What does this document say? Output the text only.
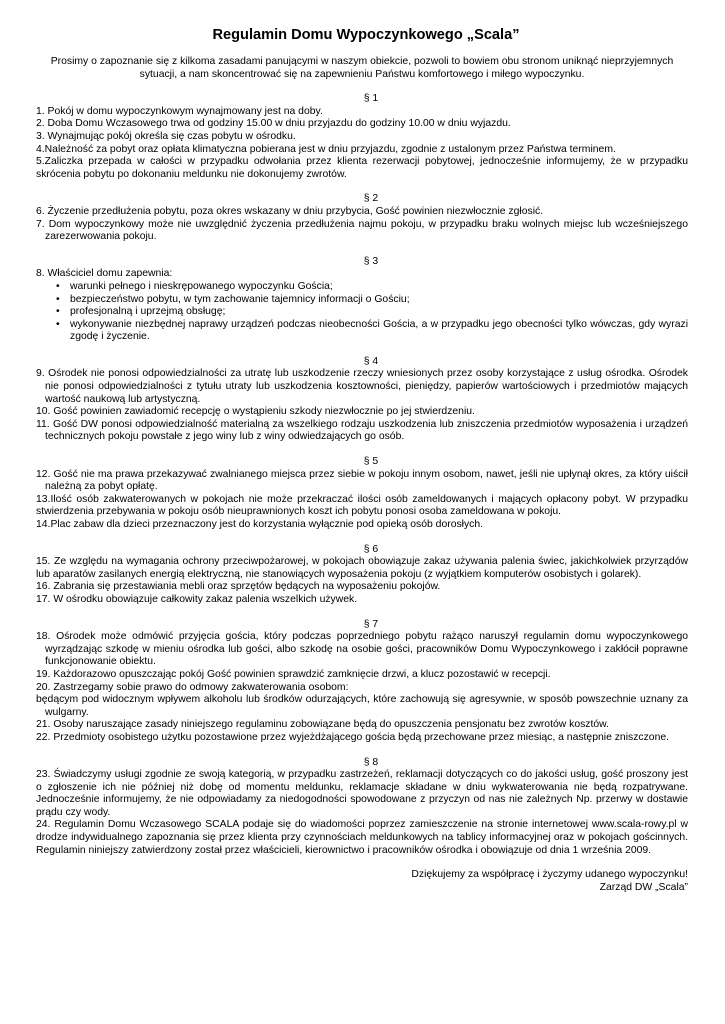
Regulamin Domu Wypoczynkowego „Scala”
Prosimy o zapoznanie się z kilkoma zasadami panującymi w naszym obiekcie, pozwoli to bowiem obu stronom uniknąć nieprzyjemnych sytuacji, a nam skoncentrować się na zapewnieniu Państwu komfortowego i miłego wypoczynku.
§ 1
1. Pokój w domu wypoczynkowym wynajmowany jest na doby.
2. Doba Domu Wczasowego trwa od godziny 15.00 w dniu przyjazdu do godziny 10.00 w dniu wyjazdu.
3. Wynajmując pokój określa się czas pobytu w ośrodku.
4.Należność za pobyt oraz opłata klimatyczna pobierana jest w dniu przyjazdu, zgodnie z ustalonym przez Państwa terminem.
5.Zaliczka przepada w całości w przypadku odwołania przez klienta rezerwacji pobytowej, jednocześnie informujemy, że w przypadku skrócenia pobytu po dokonaniu meldunku nie dokonujemy zwrotów.
§ 2
6. Życzenie przedłużenia pobytu, poza okres wskazany w dniu przybycia, Gość powinien niezwłocznie zgłosić.
7. Dom wypoczynkowy może nie uwzględnić życzenia przedłużenia najmu pokoju, w przypadku braku wolnych miejsc lub wcześniejszego zarezerwowania pokoju.
§ 3
8. Właściciel domu zapewnia:
• warunki pełnego i nieskrępowanego wypoczynku Gościa;
• bezpieczeństwo pobytu, w tym zachowanie tajemnicy informacji o Gościu;
• profesjonalną i uprzejmą obsługę;
• wykonywanie niezbędnej naprawy urządzeń podczas nieobecności Gościa, a w przypadku jego obecności tylko wówczas, gdy wyrazi zgodę i życzenie.
§ 4
9. Ośrodek nie ponosi odpowiedzialności za utratę lub uszkodzenie rzeczy wniesionych przez osoby korzystające z usług ośrodka. Ośrodek nie ponosi odpowiedzialności z tytułu utraty lub uszkodzenia kosztowności, pieniędzy, papierów wartościowych i przedmiotów mających wartość naukową lub artystyczną.
10. Gość powinien zawiadomić recepcję o wystąpieniu szkody niezwłocznie po jej stwierdzeniu.
11. Gość DW ponosi odpowiedzialność materialną za wszelkiego rodzaju uszkodzenia lub zniszczenia przedmiotów wyposażenia i urządzeń technicznych pokoju powstałe z jego winy lub z winy odwiedzających go osób.
§ 5
12. Gość nie ma prawa przekazywać zwalnianego miejsca przez siebie w pokoju innym osobom, nawet, jeśli nie upłynął okres, za który uiścił należną za pobyt opłatę.
13.Ilość osób zakwaterowanych w pokojach nie może przekraczać ilości osób zameldowanych i mających opłacony pobyt. W przypadku stwierdzenia przebywania w pokoju osób nieuprawnionych koszt ich pobytu ponosi osoba zameldowana w pokoju.
14.Plac zabaw dla dzieci przeznaczony jest do korzystania wyłącznie pod opieką osób dorosłych.
§ 6
15. Ze względu na wymagania ochrony przeciwpożarowej, w pokojach obowiązuje zakaz używania palenia świec, jakichkolwiek przyrządów lub aparatów zasilanych energią elektryczną, nie stanowiących wyposażenia pokoju (z wyjątkiem komputerów osobistych i golarek).
16. Zabrania się przestawiania mebli oraz sprzętów będących na wyposażeniu pokojów.
17. W ośrodku obowiązuje całkowity zakaz palenia wszelkich używek.
§ 7
18. Ośrodek może odmówić przyjęcia gościa, który podczas poprzedniego pobytu rażąco naruszył regulamin domu wypoczynkowego wyrządzając szkodę w mieniu ośrodka lub gości, albo szkodę na osobie gości, pracowników Domu Wypoczynkowego i zakłócił poprawne funkcjonowanie obiektu.
19. Każdorazowo opuszczając pokój Gość powinien sprawdzić zamknięcie drzwi, a klucz pozostawić w recepcji.
20. Zastrzegamy sobie prawo do odmowy zakwaterowania osobom:
będącym pod widocznym wpływem alkoholu lub środków odurzających, które zachowują się agresywnie, w sposób powszechnie uznany za wulgarny.
21. Osoby naruszające zasady niniejszego regulaminu zobowiązane będą do opuszczenia pensjonatu bez zwrotów kosztów.
22. Przedmioty osobistego użytku pozostawione przez wyjeżdżającego gościa będą przechowane przez miesiąc, a następnie zniszczone.
§ 8
23. Świadczymy usługi zgodnie ze swoją kategorią, w przypadku zastrzeżeń, reklamacji dotyczących co do jakości usług, gość proszony jest o zgłoszenie ich nie później niż dobę od momentu meldunku, reklamacje składane w dniu wykwaterowania nie będą rozpatrywane. Jednocześnie informujemy, że nie odpowiadamy za niedogodności spowodowane z przyczyn od nas nie zależnych Np. przerwy w dostawie prądu czy wody.
24. Regulamin Domu Wczasowego SCALA podaje się do wiadomości poprzez zamieszczenie na stronie internetowej www.scala-rowy.pl w drodze indywidualnego zapoznania się przez klienta przy czynnościach meldunkowych na tablicy informacyjnej oraz w pokojach gościnnych. Regulamin niniejszy zatwierdzony został przez właścicieli, kierownictwo i pracowników ośrodka i obowiązuje od dnia 1 września 2009.
Dziękujemy za współpracę i życzymy udanego wypoczynku!
Zarząd DW „Scala”
